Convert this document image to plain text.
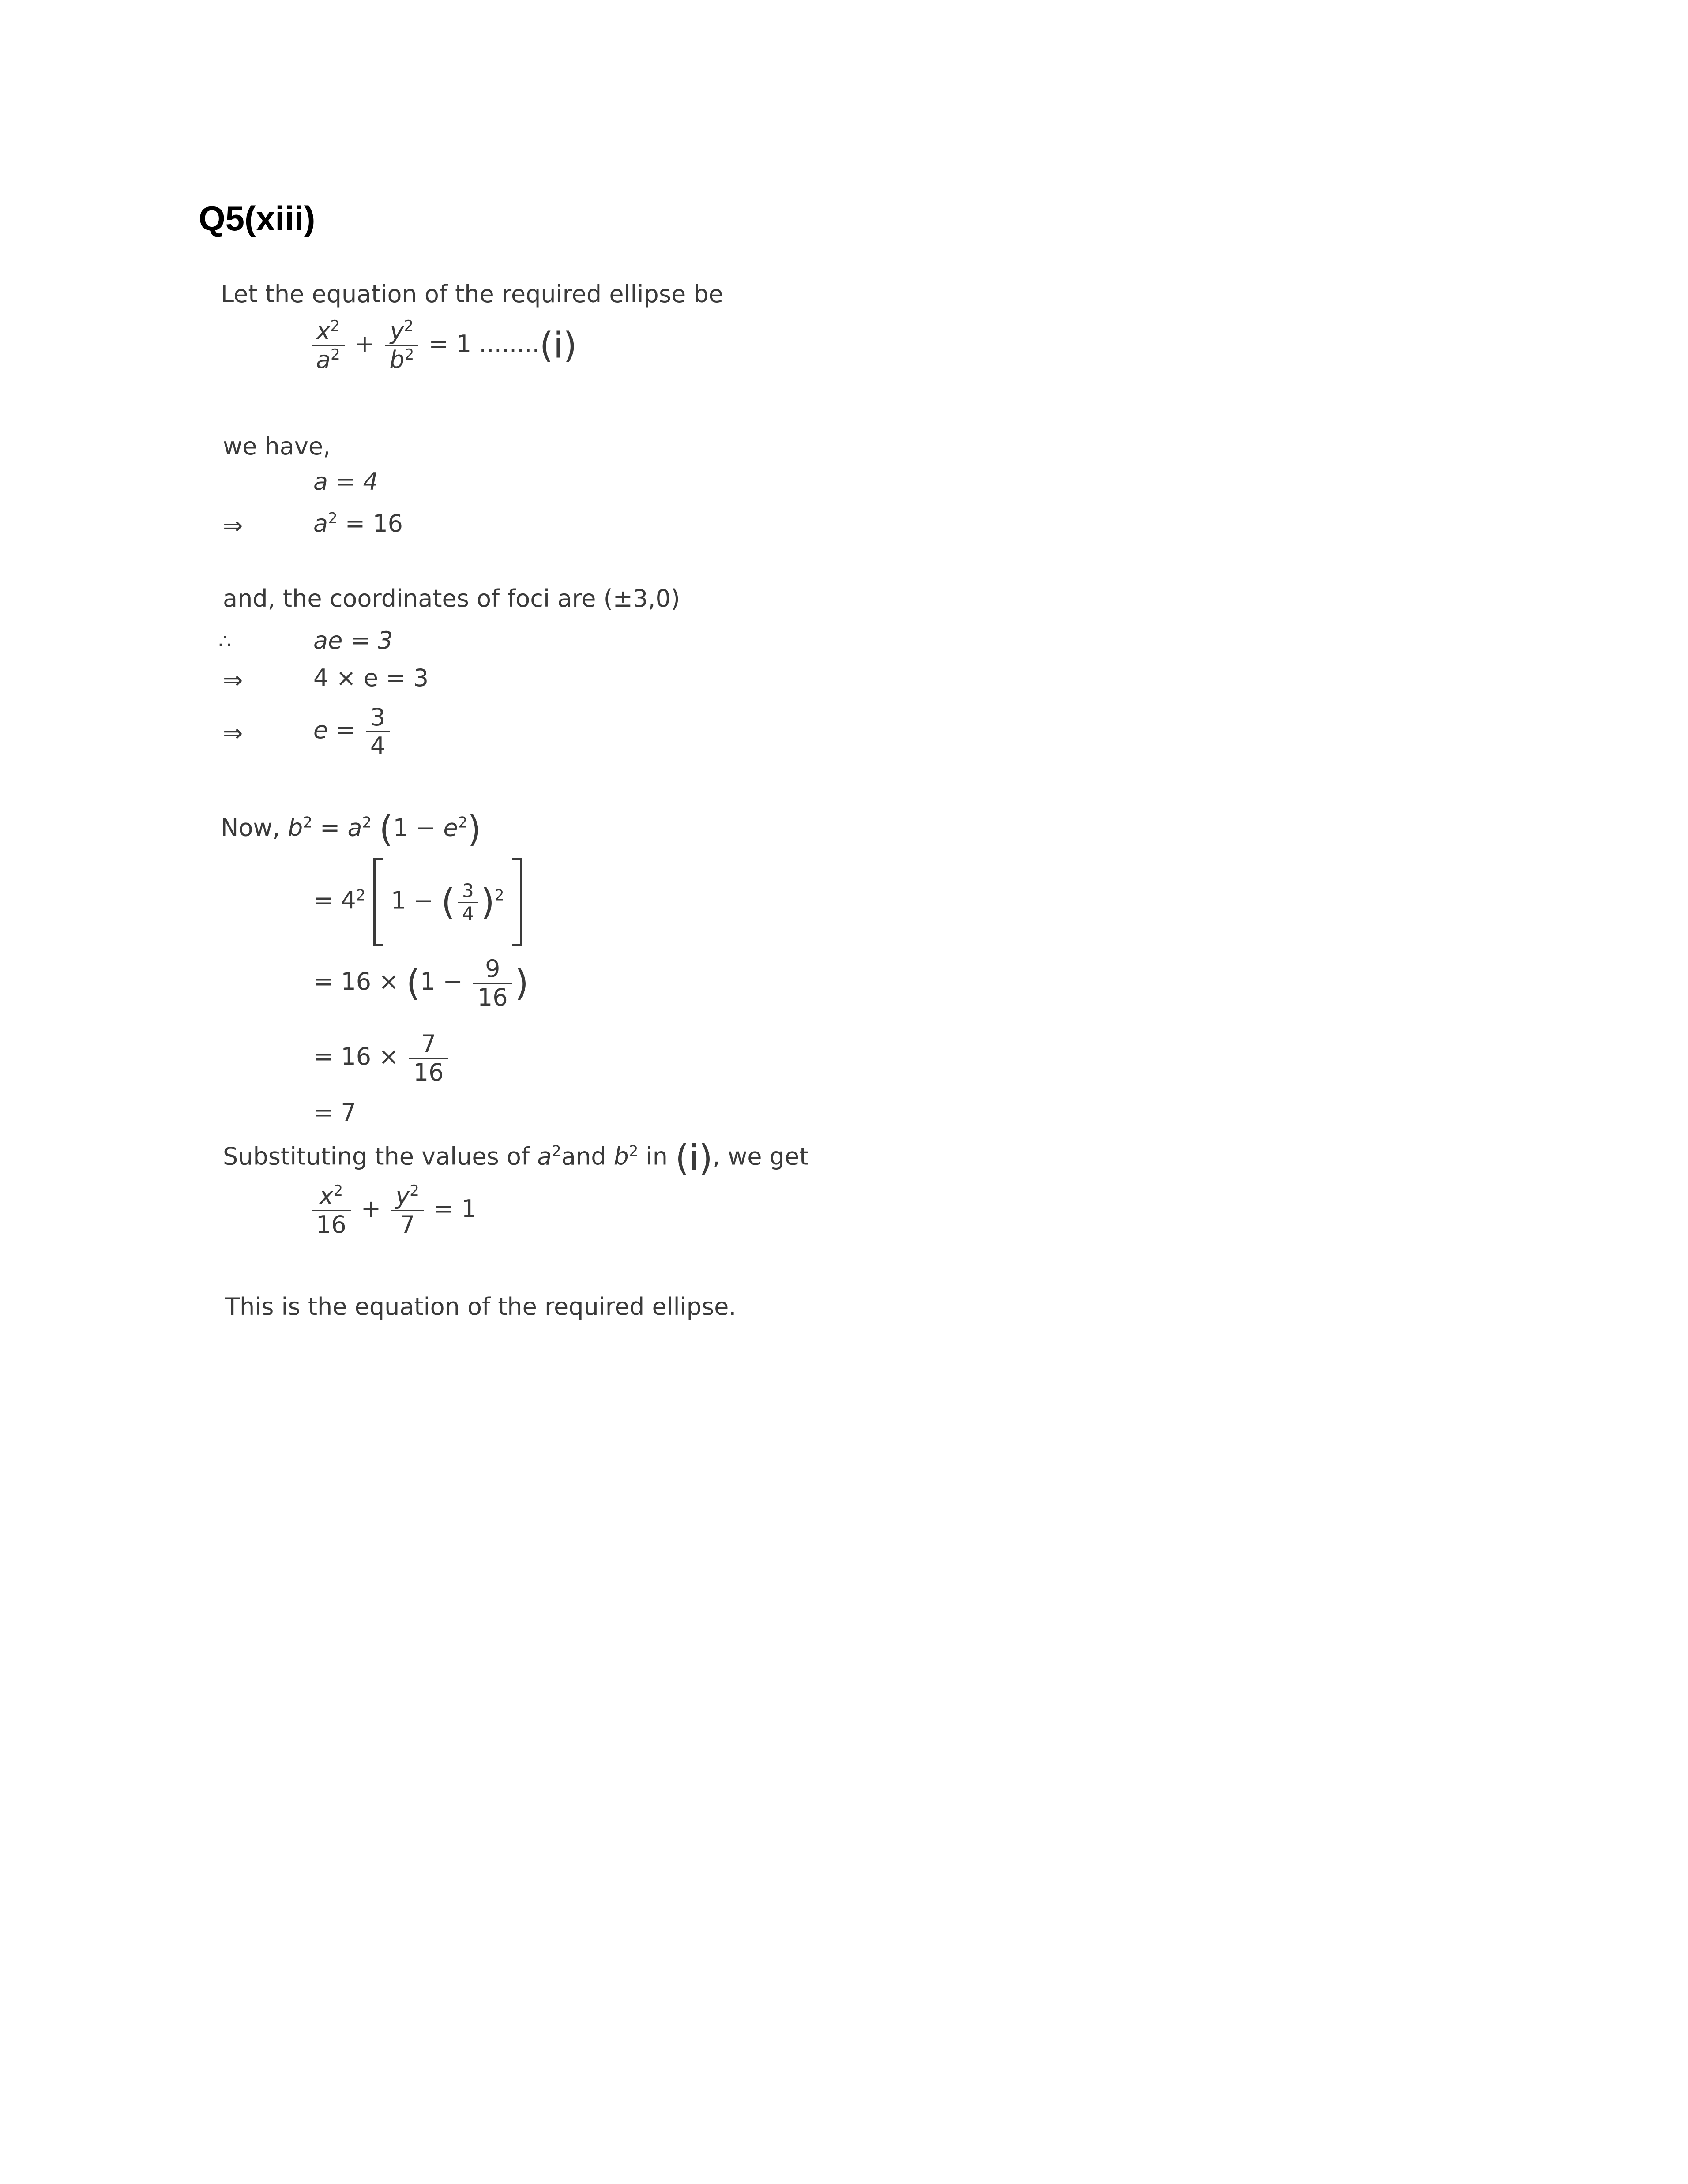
Q5(xiii)
Let the equation of the required ellipse be
$\frac{x^2}{a^2} + \frac{y^2}{b^2} = 1$ ........(i)
we have,
a = 4
⇒	$a^2 = 16$
and, the coordinates of foci are (±3,0)
∴	ae = 3
⇒	4 × e = 3
⇒	$e = \frac{3}{4}$
Now, $b^2 = a^2$ $(1 - e^2)$
= $4^2$ 1 − ( $\frac{3}{4} )^2$
= $16 \times (1 - \frac{9}{16}$ )
= $16 \times \frac{7}{16}$
= 7
Substituting the values of $a^2and$ $b^2$ in (i), we get
$\frac{x^2}{16} + \frac{y^2}{7} = 1$
This is the equation of the required ellipse.
